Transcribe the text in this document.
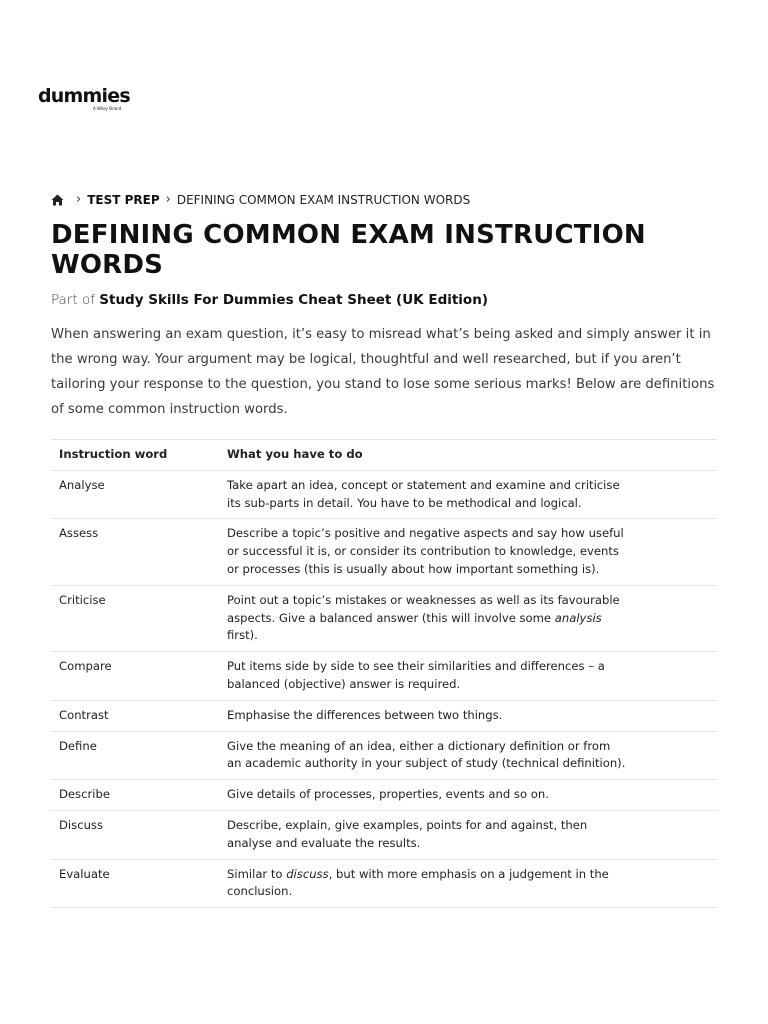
dummies
A Wiley Brand
› TEST PREP › DEFINING COMMON EXAM INSTRUCTION WORDS
DEFINING COMMON EXAM INSTRUCTION WORDS
Part of Study Skills For Dummies Cheat Sheet (UK Edition)

When answering an exam question, it’s easy to misread what’s being asked and simply answer it in the wrong way. Your argument may be logical, thoughtful and well researched, but if you aren’t tailoring your response to the question, you stand to lose some serious marks! Below are definitions of some common instruction words.

Instruction word	What you have to do
Analyse	Take apart an idea, concept or statement and examine and criticise its sub-parts in detail. You have to be methodical and logical.
Assess	Describe a topic’s positive and negative aspects and say how useful or successful it is, or consider its contribution to knowledge, events or processes (this is usually about how important something is).
Criticise	Point out a topic’s mistakes or weaknesses as well as its favourable aspects. Give a balanced answer (this will involve some analysis first).
Compare	Put items side by side to see their similarities and differences – a balanced (objective) answer is required.
Contrast	Emphasise the differences between two things.
Define	Give the meaning of an idea, either a dictionary definition or from an academic authority in your subject of study (technical definition).
Describe	Give details of processes, properties, events and so on.
Discuss	Describe, explain, give examples, points for and against, then analyse and evaluate the results.
Evaluate	Similar to discuss, but with more emphasis on a judgement in the conclusion.
